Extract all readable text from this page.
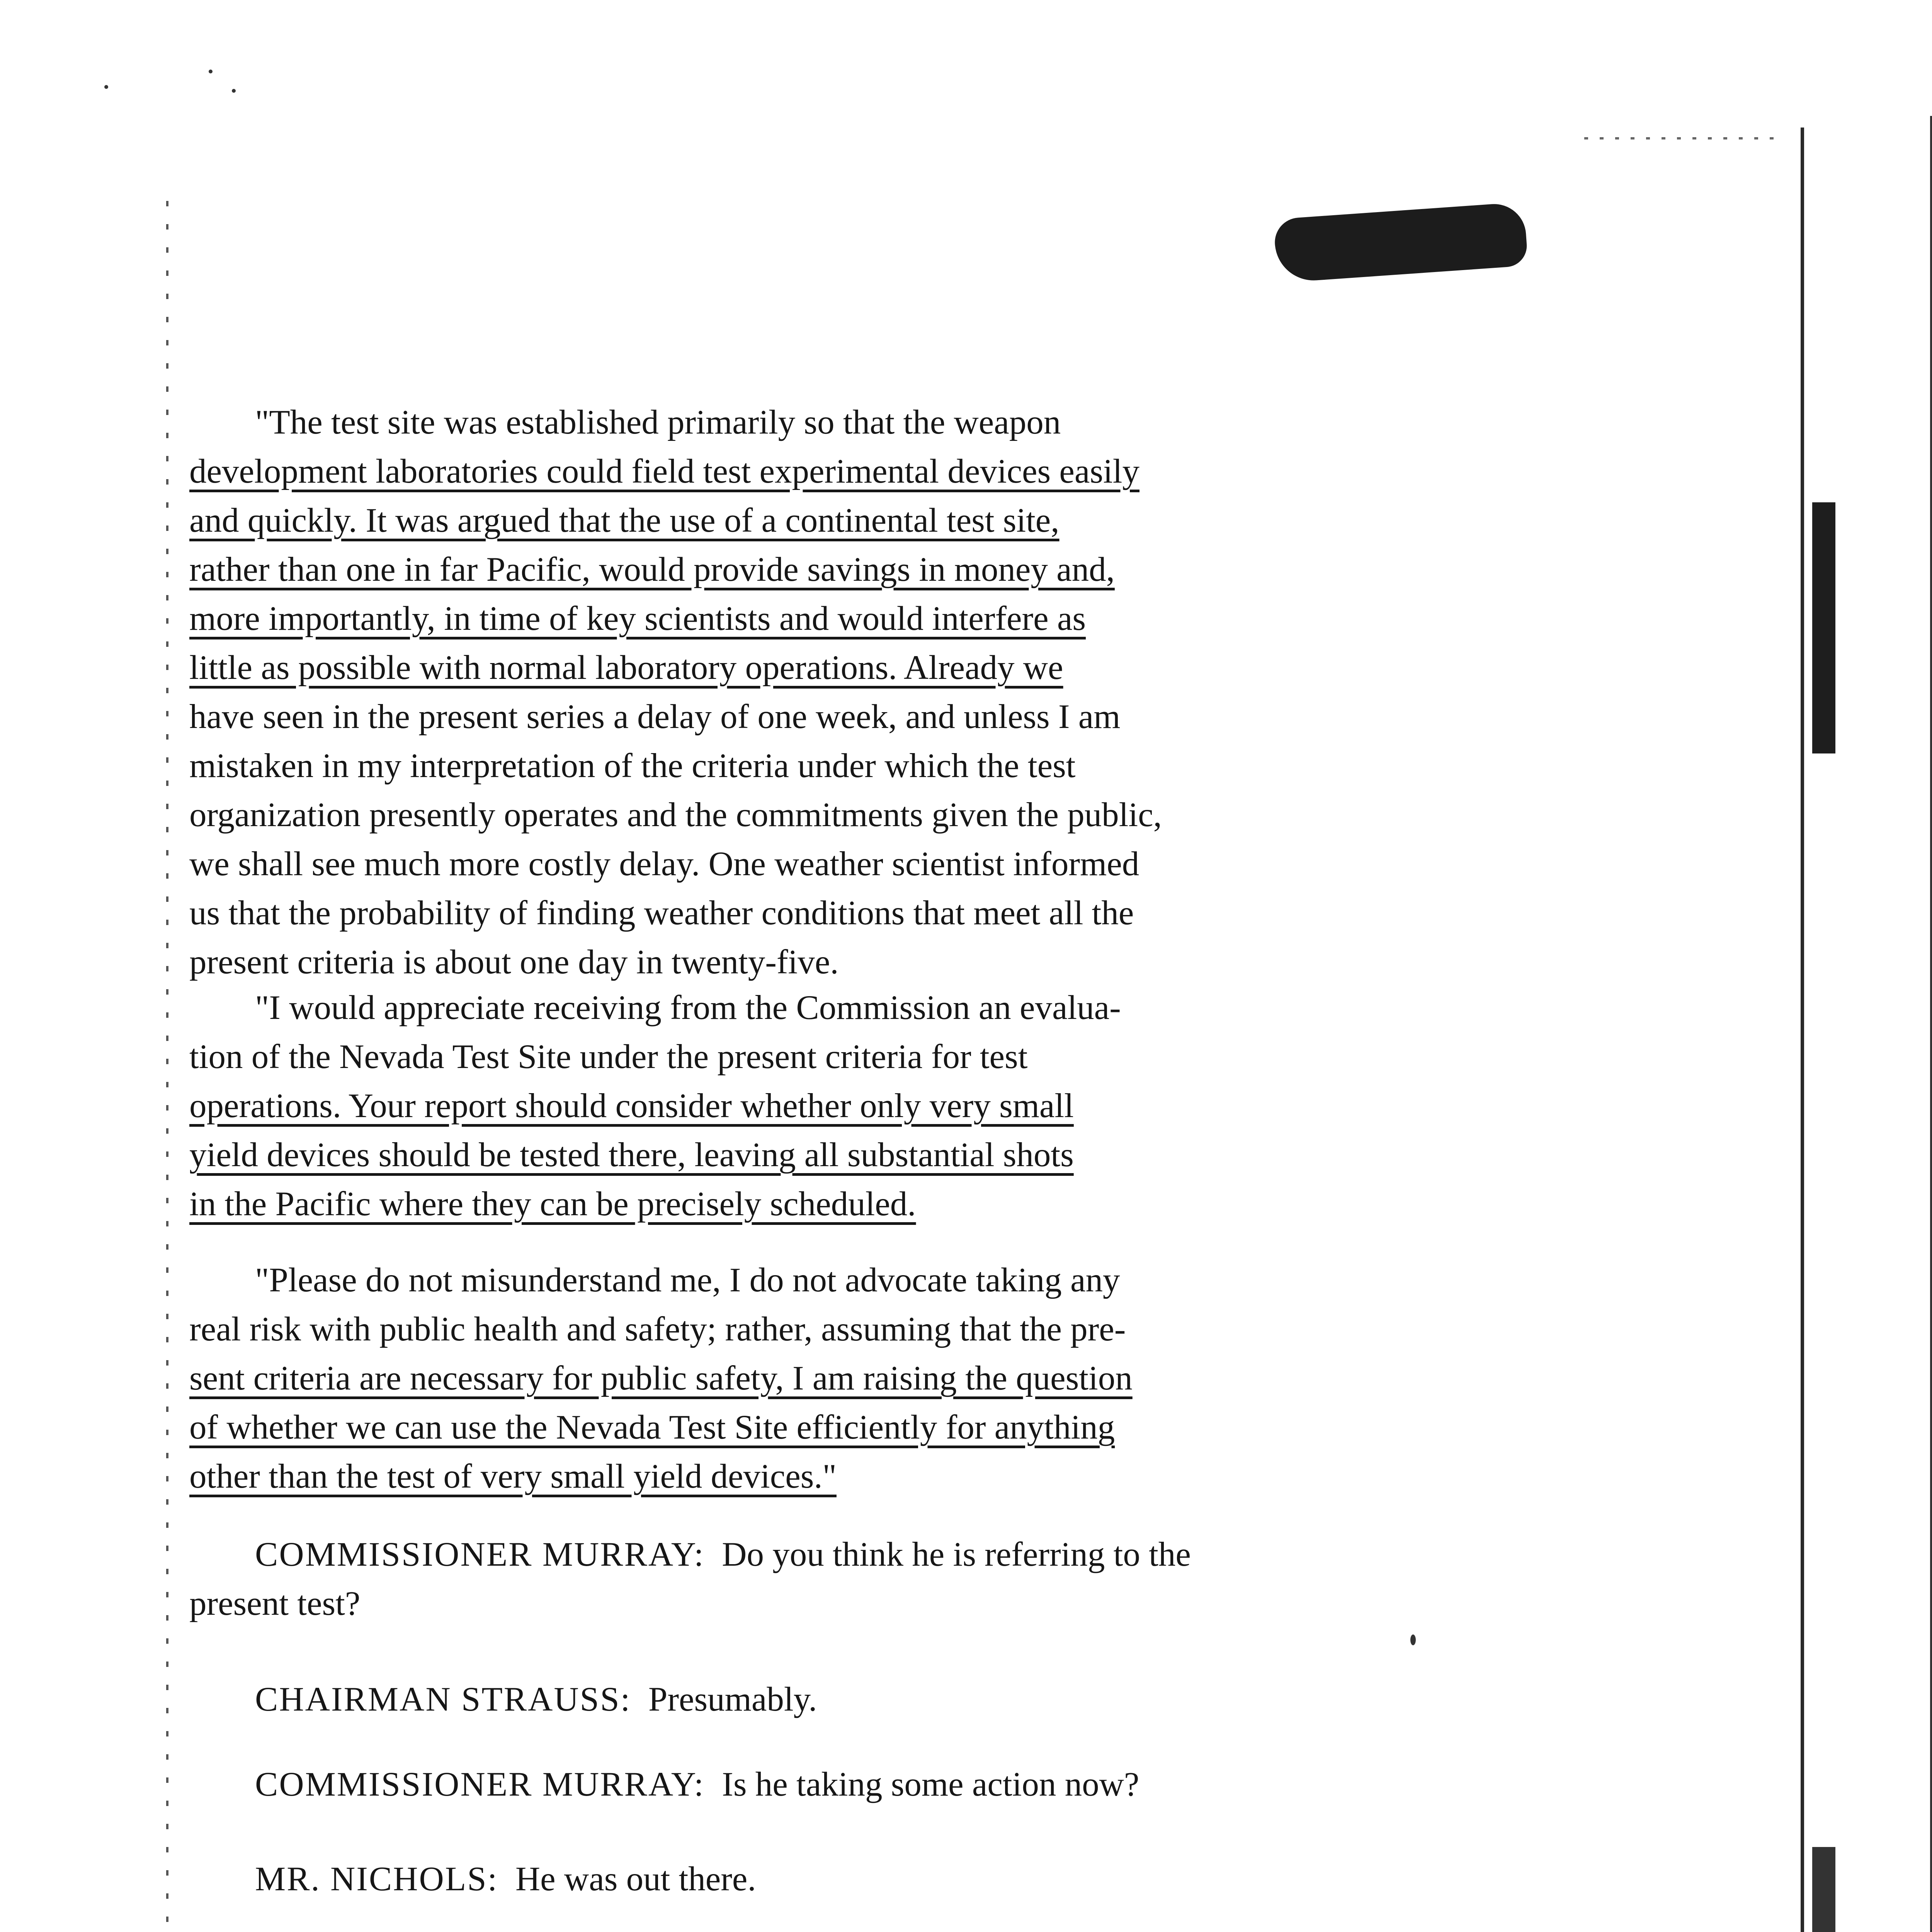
"The test site was established primarily so that the weapon
development laboratories could field test experimental devices easily
and quickly. It was argued that the use of a continental test site,
rather than one in far Pacific, would provide savings in money and,
more importantly, in time of key scientists and would interfere as
little as possible with normal laboratory operations. Already we
have seen in the present series a delay of one week, and unless I am
mistaken in my interpretation of the criteria under which the test
organization presently operates and the commitments given the public,
we shall see much more costly delay. One weather scientist informed
us that the probability of finding weather conditions that meet all the
present criteria is about one day in twenty-five.

"I would appreciate receiving from the Commission an evalua-
tion of the Nevada Test Site under the present criteria for test
operations. Your report should consider whether only very small
yield devices should be tested there, leaving all substantial shots
in the Pacific where they can be precisely scheduled.

"Please do not misunderstand me, I do not advocate taking any
real risk with public health and safety; rather, assuming that the pre-
sent criteria are necessary for public safety, I am raising the question
of whether we can use the Nevada Test Site efficiently for anything
other than the test of very small yield devices."

COMMISSIONER MURRAY: Do you think he is referring to the

present test?

CHAIRMAN STRAUSS: Presumably.

COMMISSIONER MURRAY: Is he taking some action now?

MR. NICHOLS: He was out there.
